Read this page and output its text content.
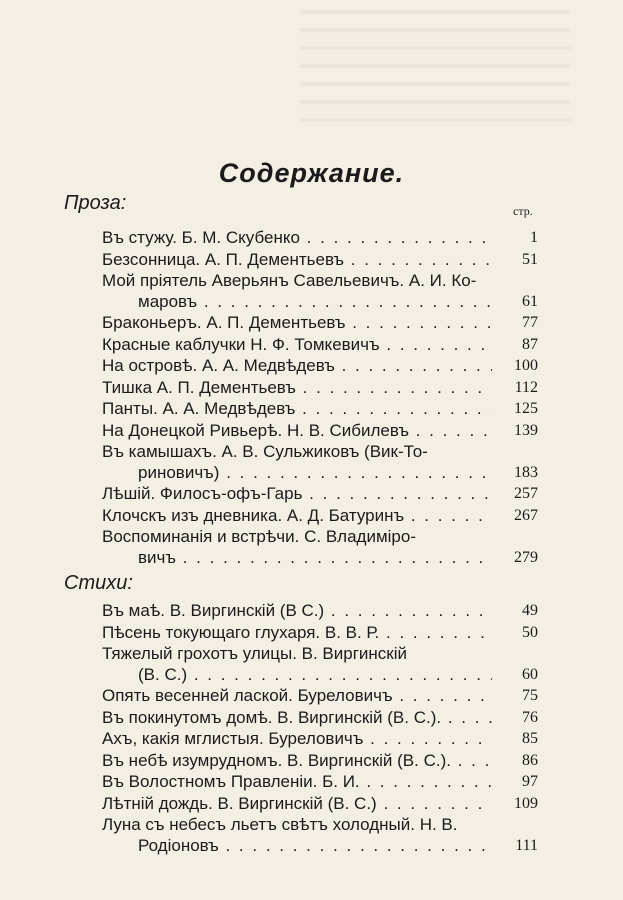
Содержание.
Проза:	стр.
Стихи:
Въ стужу. Б. М. Скубенко . .	1
Безсонница. А. П. Дементьевъ . .	51
Мой пріятель Аверьянъ Савельевичъ. А. И. Ко-
маровъ . .	61
Браконьеръ. А. П. Дементьевъ . .	77
Красные каблучки Н. Ф. Томкевичъ . .	87
На островѣ. А. А. Медвѣдевъ . .	100
Тишка А. П. Дементьевъ . .	112
Панты. А. А. Медвѣдевъ . .	125
На Донецкой Ривьерѣ. Н. В. Сибилевъ . .	139
Въ камышахъ. А. В. Сульжиковъ (Вик-То-
риновичъ) . .	183
Лѣшій. Филосъ-офъ-Гарь . .	257
Клочскъ изъ дневника. А. Д. Батуринъ . .	267
Воспоминанія и встрѣчи. С. Владиміро-
вичъ . .	279
Въ маѣ. В. Виргинскій (В С.) . .	49
Пѣсень токующаго глухаря. В. В. Р. . .	50
Тяжелый грохотъ улицы. В. Виргинскій
(В. С.) . .	60
Опять весенней лаской. Буреловичъ . .	75
Въ покинутомъ домѣ. В. Виргинскій (В. С.). . .	76
Ахъ, какія мглистыя. Буреловичъ . .	85
Въ небѣ изумрудномъ. В. Виргинскій (В. С.). . .	86
Въ Волостномъ Правленіи. Б. И. . .	97
Лѣтній дождь. В. Виргинскій (В. С.) . .	109
Луна съ небесъ льетъ свѣтъ холодный. Н. В.
Родіоновъ . .	111
